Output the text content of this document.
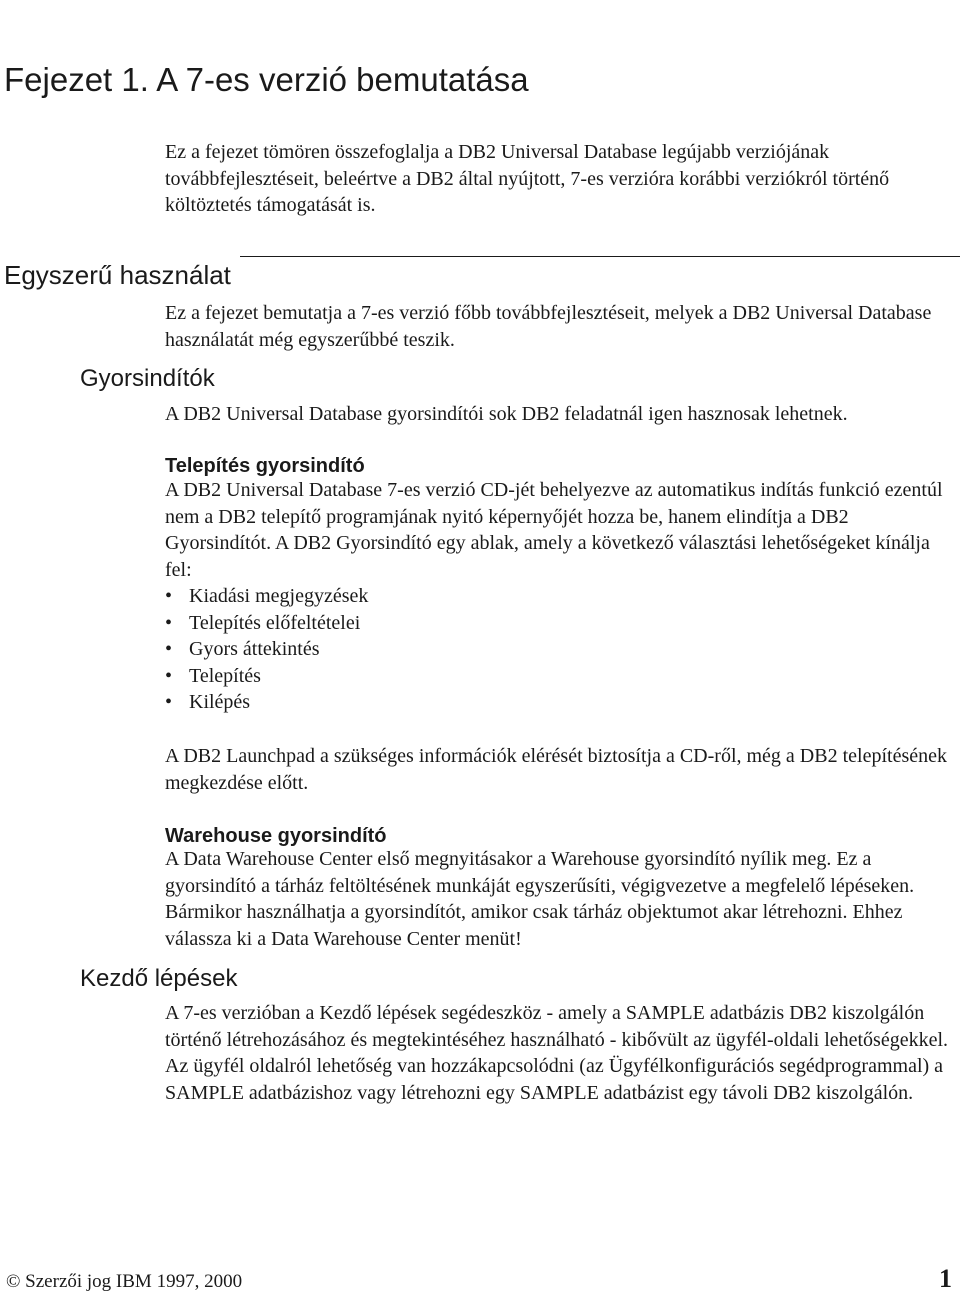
Fejezet 1. A 7-es verzió bemutatása

Ez a fejezet tömören összefoglalja a DB2 Universal Database legújabb verziójának továbbfejlesztéseit, beleértve a DB2 által nyújtott, 7-es verzióra korábbi verziókról történő költöztetés támogatását is.

Egyszerű használat

Ez a fejezet bemutatja a 7-es verzió főbb továbbfejlesztéseit, melyek a DB2 Universal Database használatát még egyszerűbbé teszik.

Gyorsindítók

A DB2 Universal Database gyorsindítói sok DB2 feladatnál igen hasznosak lehetnek.

Telepítés gyorsindító

A DB2 Universal Database 7-es verzió CD-jét behelyezve az automatikus indítás funkció ezentúl nem a DB2 telepítő programjának nyitó képernyőjét hozza be, hanem elindítja a DB2 Gyorsindítót. A DB2 Gyorsindító egy ablak, amely a következő választási lehetőségeket kínálja fel:

• Kiadási megjegyzések
• Telepítés előfeltételei
• Gyors áttekintés
• Telepítés
• Kilépés

A DB2 Launchpad a szükséges információk elérését biztosítja a CD-ről, még a DB2 telepítésének megkezdése előtt.

Warehouse gyorsindító

A Data Warehouse Center első megnyitásakor a Warehouse gyorsindító nyílik meg. Ez a gyorsindító a tárház feltöltésének munkáját egyszerűsíti, végigvezetve a megfelelő lépéseken. Bármikor használhatja a gyorsindítót, amikor csak tárház objektumot akar létrehozni. Ehhez válassza ki a Data Warehouse Center menüt!

Kezdő lépések

A 7-es verzióban a Kezdő lépések segédeszköz - amely a SAMPLE adatbázis DB2 kiszolgálón történő létrehozásához és megtekintéséhez használható - kibővült az ügyfél-oldali lehetőségekkel. Az ügyfél oldalról lehetőség van hozzákapcsolódni (az Ügyfélkonfigurációs segédprogrammal) a SAMPLE adatbázishoz vagy létrehozni egy SAMPLE adatbázist egy távoli DB2 kiszolgálón.

© Szerzői jog IBM 1997, 2000	1
